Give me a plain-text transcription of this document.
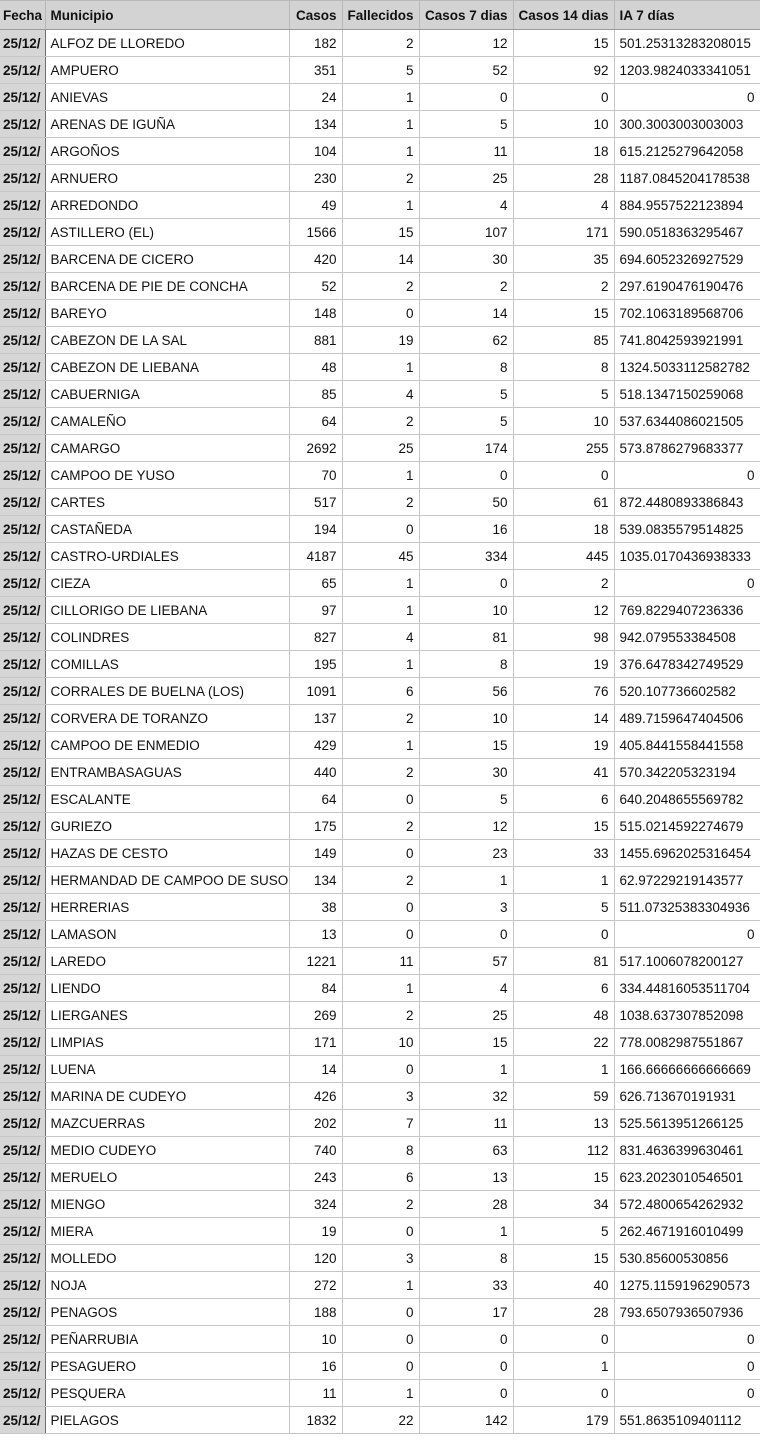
Fecha	Municipio	Casos	Fallecidos	Casos 7 dias	Casos 14 dias	IA 7 días
25/12/	ALFOZ DE LLOREDO	182	2	12	15	501.25313283208015
25/12/	AMPUERO	351	5	52	92	1203.9824033341051
25/12/	ANIEVAS	24	1	0	0	0
25/12/	ARENAS DE IGUÑA	134	1	5	10	300.3003003003003
25/12/	ARGOÑOS	104	1	11	18	615.2125279642058
25/12/	ARNUERO	230	2	25	28	1187.0845204178538
25/12/	ARREDONDO	49	1	4	4	884.9557522123894
25/12/	ASTILLERO (EL)	1566	15	107	171	590.0518363295467
25/12/	BARCENA DE CICERO	420	14	30	35	694.6052326927529
25/12/	BARCENA DE PIE DE CONCHA	52	2	2	2	297.6190476190476
25/12/	BAREYO	148	0	14	15	702.1063189568706
25/12/	CABEZON DE LA SAL	881	19	62	85	741.8042593921991
25/12/	CABEZON DE LIEBANA	48	1	8	8	1324.5033112582782
25/12/	CABUERNIGA	85	4	5	5	518.1347150259068
25/12/	CAMALEÑO	64	2	5	10	537.6344086021505
25/12/	CAMARGO	2692	25	174	255	573.8786279683377
25/12/	CAMPOO DE YUSO	70	1	0	0	0
25/12/	CARTES	517	2	50	61	872.4480893386843
25/12/	CASTAÑEDA	194	0	16	18	539.0835579514825
25/12/	CASTRO-URDIALES	4187	45	334	445	1035.0170436938333
25/12/	CIEZA	65	1	0	2	0
25/12/	CILLORIGO DE LIEBANA	97	1	10	12	769.8229407236336
25/12/	COLINDRES	827	4	81	98	942.079553384508
25/12/	COMILLAS	195	1	8	19	376.6478342749529
25/12/	CORRALES DE BUELNA (LOS)	1091	6	56	76	520.107736602582
25/12/	CORVERA DE TORANZO	137	2	10	14	489.7159647404506
25/12/	CAMPOO DE ENMEDIO	429	1	15	19	405.8441558441558
25/12/	ENTRAMBASAGUAS	440	2	30	41	570.342205323194
25/12/	ESCALANTE	64	0	5	6	640.2048655569782
25/12/	GURIEZO	175	2	12	15	515.0214592274679
25/12/	HAZAS DE CESTO	149	0	23	33	1455.6962025316454
25/12/	HERMANDAD DE CAMPOO DE SUSO	134	2	1	1	62.97229219143577
25/12/	HERRERIAS	38	0	3	5	511.07325383304936
25/12/	LAMASON	13	0	0	0	0
25/12/	LAREDO	1221	11	57	81	517.1006078200127
25/12/	LIENDO	84	1	4	6	334.44816053511704
25/12/	LIERGANES	269	2	25	48	1038.637307852098
25/12/	LIMPIAS	171	10	15	22	778.0082987551867
25/12/	LUENA	14	0	1	1	166.66666666666669
25/12/	MARINA DE CUDEYO	426	3	32	59	626.713670191931
25/12/	MAZCUERRAS	202	7	11	13	525.5613951266125
25/12/	MEDIO CUDEYO	740	8	63	112	831.4636399630461
25/12/	MERUELO	243	6	13	15	623.2023010546501
25/12/	MIENGO	324	2	28	34	572.4800654262932
25/12/	MIERA	19	0	1	5	262.4671916010499
25/12/	MOLLEDO	120	3	8	15	530.85600530856
25/12/	NOJA	272	1	33	40	1275.1159196290573
25/12/	PENAGOS	188	0	17	28	793.6507936507936
25/12/	PEÑARRUBIA	10	0	0	0	0
25/12/	PESAGUERO	16	0	0	1	0
25/12/	PESQUERA	11	1	0	0	0
25/12/	PIELAGOS	1832	22	142	179	551.8635109401112
